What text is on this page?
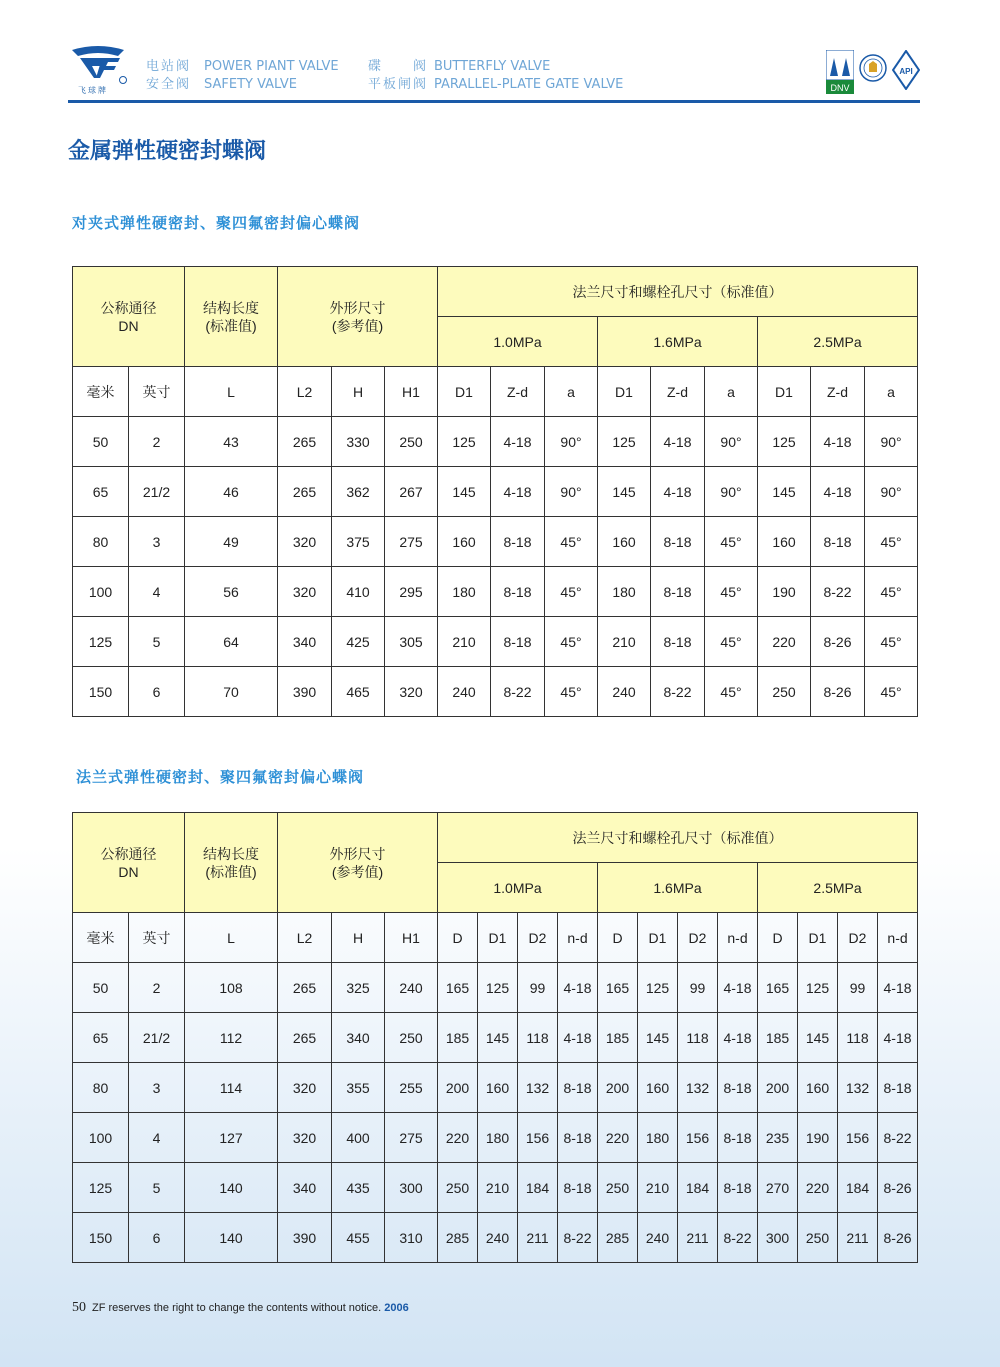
飞球牌
电站阀 POWER PIANT VALVE 碟　　阀 BUTTERFLY VALVE
安全阀 SAFETY VALVE	平板闸阀 PARALLEL-PLATE GATE VALVE	DNV
API
金属弹性硬密封蝶阀
对夹式弹性硬密封、聚四氟密封偏心蝶阀
公称通径
DN		结构长度
(标准值)	外形尺寸
(参考值)			法兰尺寸和螺栓孔尺寸（标准值）								
						1.0MPa			1.6MPa			2.5MPa		
毫米	英寸	L	L2	H	H1	D1	Z-d	a	D1	Z-d	a	D1	Z-d	a
50	2	43	265	330	250	125	4-18	90°	125	4-18	90°	125	4-18	90°
65	21/2	46	265	362	267	145	4-18	90°	145	4-18	90°	145	4-18	90°
80	3	49	320	375	275	160	8-18	45°	160	8-18	45°	160	8-18	45°
100	4	56	320	410	295	180	8-18	45°	180	8-18	45°	190	8-22	45°
125	5	64	340	425	305	210	8-18	45°	210	8-18	45°	220	8-26	45°
150	6	70	390	465	320	240	8-22	45°	240	8-22	45°	250	8-26	45°
法兰式弹性硬密封、聚四氟密封偏心蝶阀
公称通径
DN		结构长度
(标准值)	外形尺寸
(参考值)			法兰尺寸和螺栓孔尺寸（标准值）											
						1.0MPa				1.6MPa				2.5MPa			
毫米	英寸	L	L2	H	H1	D	D1	D2	n-d	D	D1	D2	n-d	D	D1	D2	n-d
50	2	108	265	325	240	165	125	99	4-18	165	125	99	4-18	165	125	99	4-18
65	21/2	112	265	340	250	185	145	118	4-18	185	145	118	4-18	185	145	118	4-18
80	3	114	320	355	255	200	160	132	8-18	200	160	132	8-18	200	160	132	8-18
100	4	127	320	400	275	220	180	156	8-18	220	180	156	8-18	235	190	156	8-22
125	5	140	340	435	300	250	210	184	8-18	250	210	184	8-18	270	220	184	8-26
150	6	140	390	455	310	285	240	211	8-22	285	240	211	8-22	300	250	211	8-26
50 ZF reserves the right to change the contents without notice. 2006
